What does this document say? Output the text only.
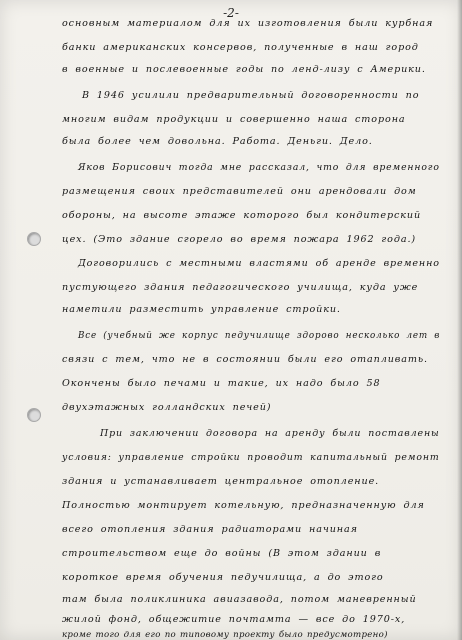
-2-
основным материалом для их изготовления были курбная
банки американских консервов, полученные в наш город
в военные и послевоенные годы по ленд-лизу с Америки.
В 1946 усилили предварительный договоренности по
многим видам продукции и совершенно наша сторона
была более чем довольна. Работа. Деньги. Дело.
Яков Борисович тогда мне рассказал, что для временного
размещения своих представителей они арендовали дом
обороны, на высоте этаже которого был кондитерский
цех. (Это здание сгорело во время пожара 1962 года.)
Договорились с местными властями об аренде временно
пустующего здания педагогического училища, куда уже
наметили разместить управление стройки.
Все (учебный же корпус педучилище здорово несколько лет в
связи с тем, что не в состоянии были его отапливать.
Окончены было печами и такие, их надо было 58
двухэтажных голландских печей)
При заключении договора на аренду были поставлены
условия: управление стройки проводит капитальный ремонт
здания и устанавливает центральное отопление.
Полностью монтирует котельную, предназначенную для
всего отопления здания радиаторами начиная
строительством еще до войны (В этом здании в
короткое время обучения педучилища, а до этого
там была поликлиника авиазавода, потом маневренный
жилой фонд, общежитие почтамта — все до 1970-х,
кроме того для его по типовому проекту было предусмотрено)
